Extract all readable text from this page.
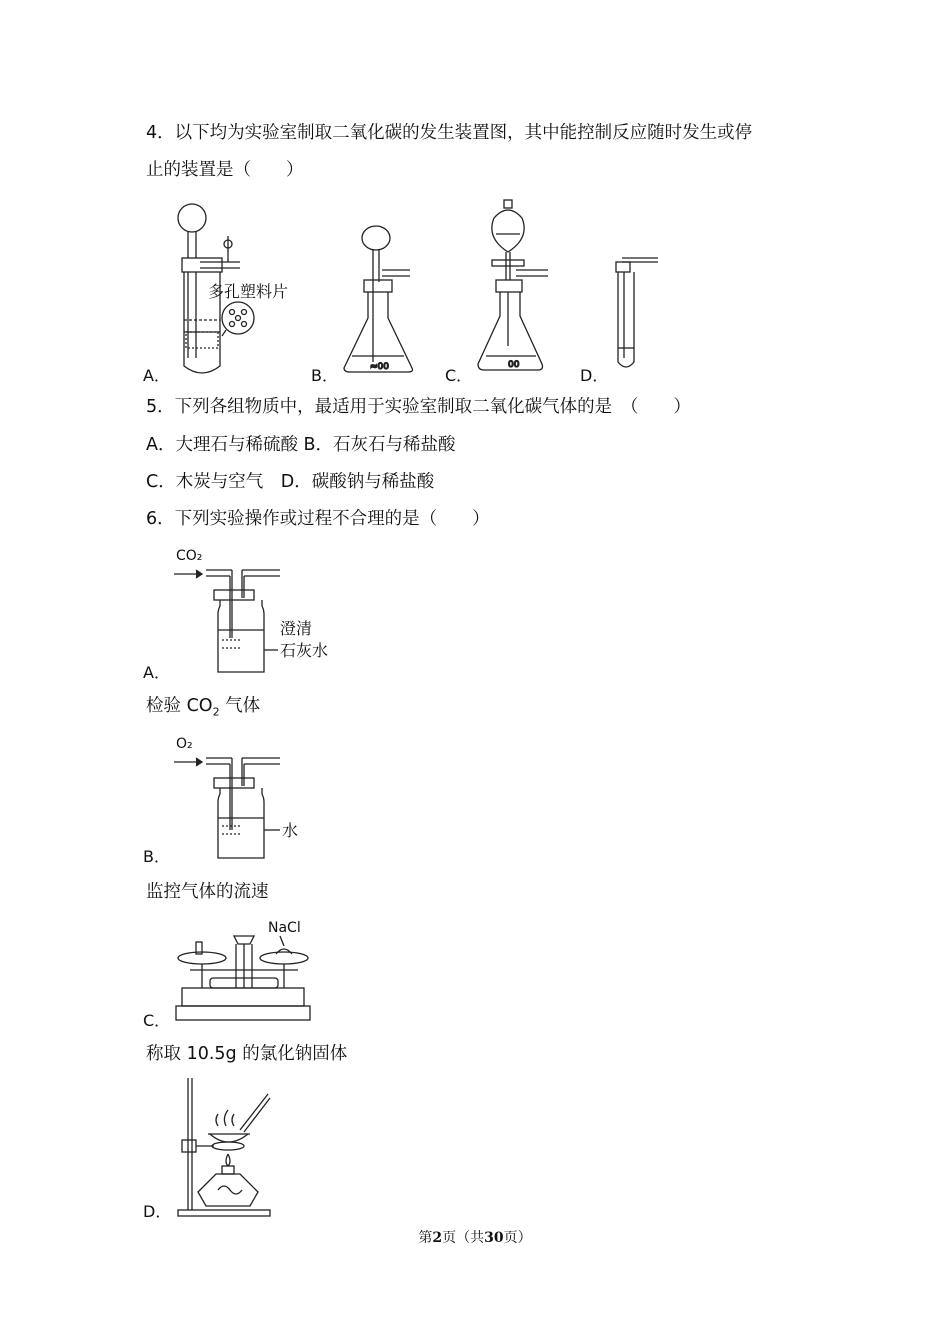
4．以下均为实验室制取二氧化碳的发生装置图，其中能控制反应随时发生或停
止的装置是（　　）
多孔塑料片
A．	≈00
B．
00
C．	D．
5．下列各组物质中，最适用于实验室制取二氧化碳气体的是　（　　）
A．大理石与稀硫酸 B．石灰石与稀盐酸
C．木炭与空气　D．碳酸钠与稀盐酸
6．下列实验操作或过程不合理的是（　　）
CO₂
澄清
石灰水
A．
检验 $CO_2$ 气体
O₂
水
B．
监控气体的流速
NaCl
C．
称取 10.5g 的氯化钠固体
D．
第2页（共30页）
